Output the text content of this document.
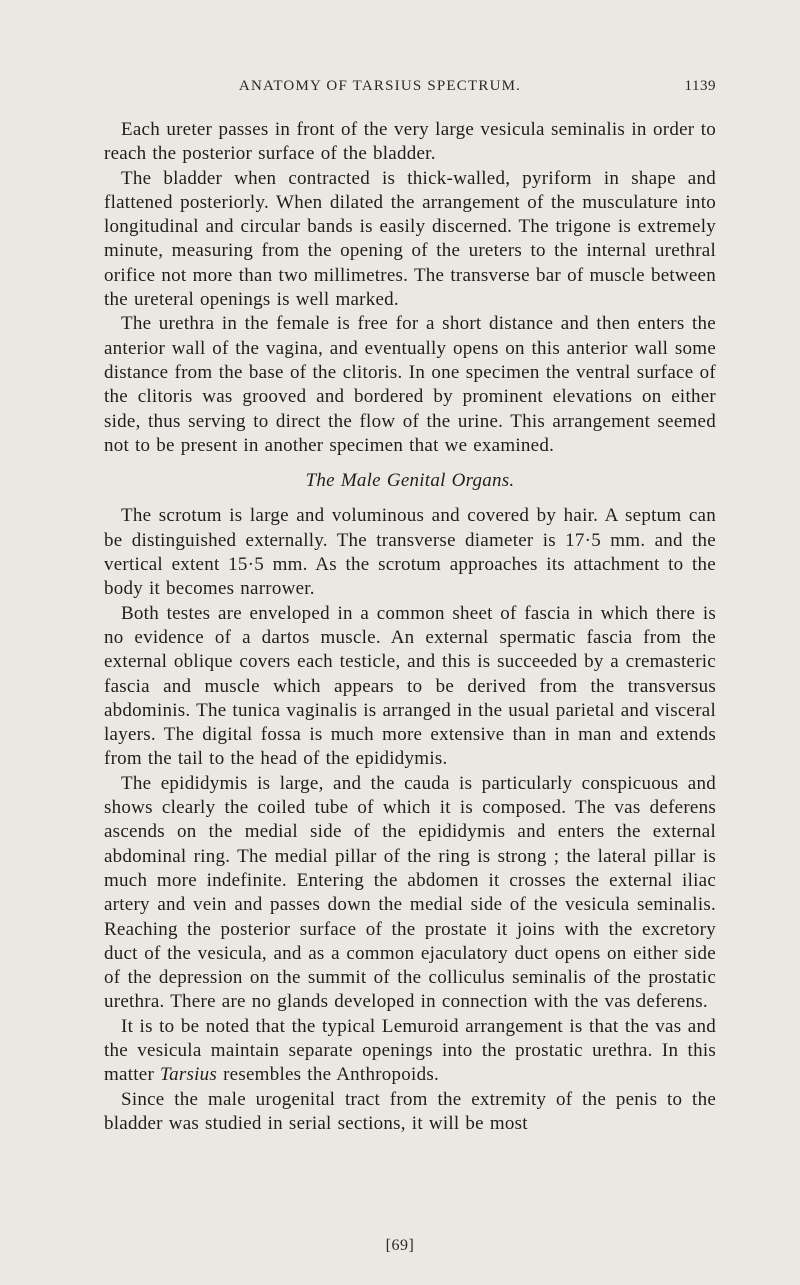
ANATOMY OF TARSIUS SPECTRUM.	1139

Each ureter passes in front of the very large vesicula seminalis in order to reach the posterior surface of the bladder.

The bladder when contracted is thick-walled, pyriform in shape and flattened posteriorly. When dilated the arrangement of the musculature into longitudinal and circular bands is easily discerned. The trigone is extremely minute, measuring from the opening of the ureters to the internal urethral orifice not more than two millimetres. The transverse bar of muscle between the ureteral openings is well marked.

The urethra in the female is free for a short distance and then enters the anterior wall of the vagina, and eventually opens on this anterior wall some distance from the base of the clitoris. In one specimen the ventral surface of the clitoris was grooved and bordered by prominent elevations on either side, thus serving to direct the flow of the urine. This arrangement seemed not to be present in another specimen that we examined.

The Male Genital Organs.

The scrotum is large and voluminous and covered by hair. A septum can be distinguished externally. The transverse diameter is 17·5 mm. and the vertical extent 15·5 mm. As the scrotum approaches its attachment to the body it becomes narrower.

Both testes are enveloped in a common sheet of fascia in which there is no evidence of a dartos muscle. An external spermatic fascia from the external oblique covers each testicle, and this is succeeded by a cremasteric fascia and muscle which appears to be derived from the transversus abdominis. The tunica vaginalis is arranged in the usual parietal and visceral layers. The digital fossa is much more extensive than in man and extends from the tail to the head of the epididymis.

The epididymis is large, and the cauda is particularly conspicuous and shows clearly the coiled tube of which it is composed. The vas deferens ascends on the medial side of the epididymis and enters the external abdominal ring. The medial pillar of the ring is strong ; the lateral pillar is much more indefinite. Entering the abdomen it crosses the external iliac artery and vein and passes down the medial side of the vesicula seminalis. Reaching the posterior surface of the prostate it joins with the excretory duct of the vesicula, and as a common ejaculatory duct opens on either side of the depression on the summit of the colliculus seminalis of the prostatic urethra. There are no glands developed in connection with the vas deferens.

It is to be noted that the typical Lemuroid arrangement is that the vas and the vesicula maintain separate openings into the prostatic urethra. In this matter Tarsius resembles the Anthropoids.

Since the male urogenital tract from the extremity of the penis to the bladder was studied in serial sections, it will be most

[69]
